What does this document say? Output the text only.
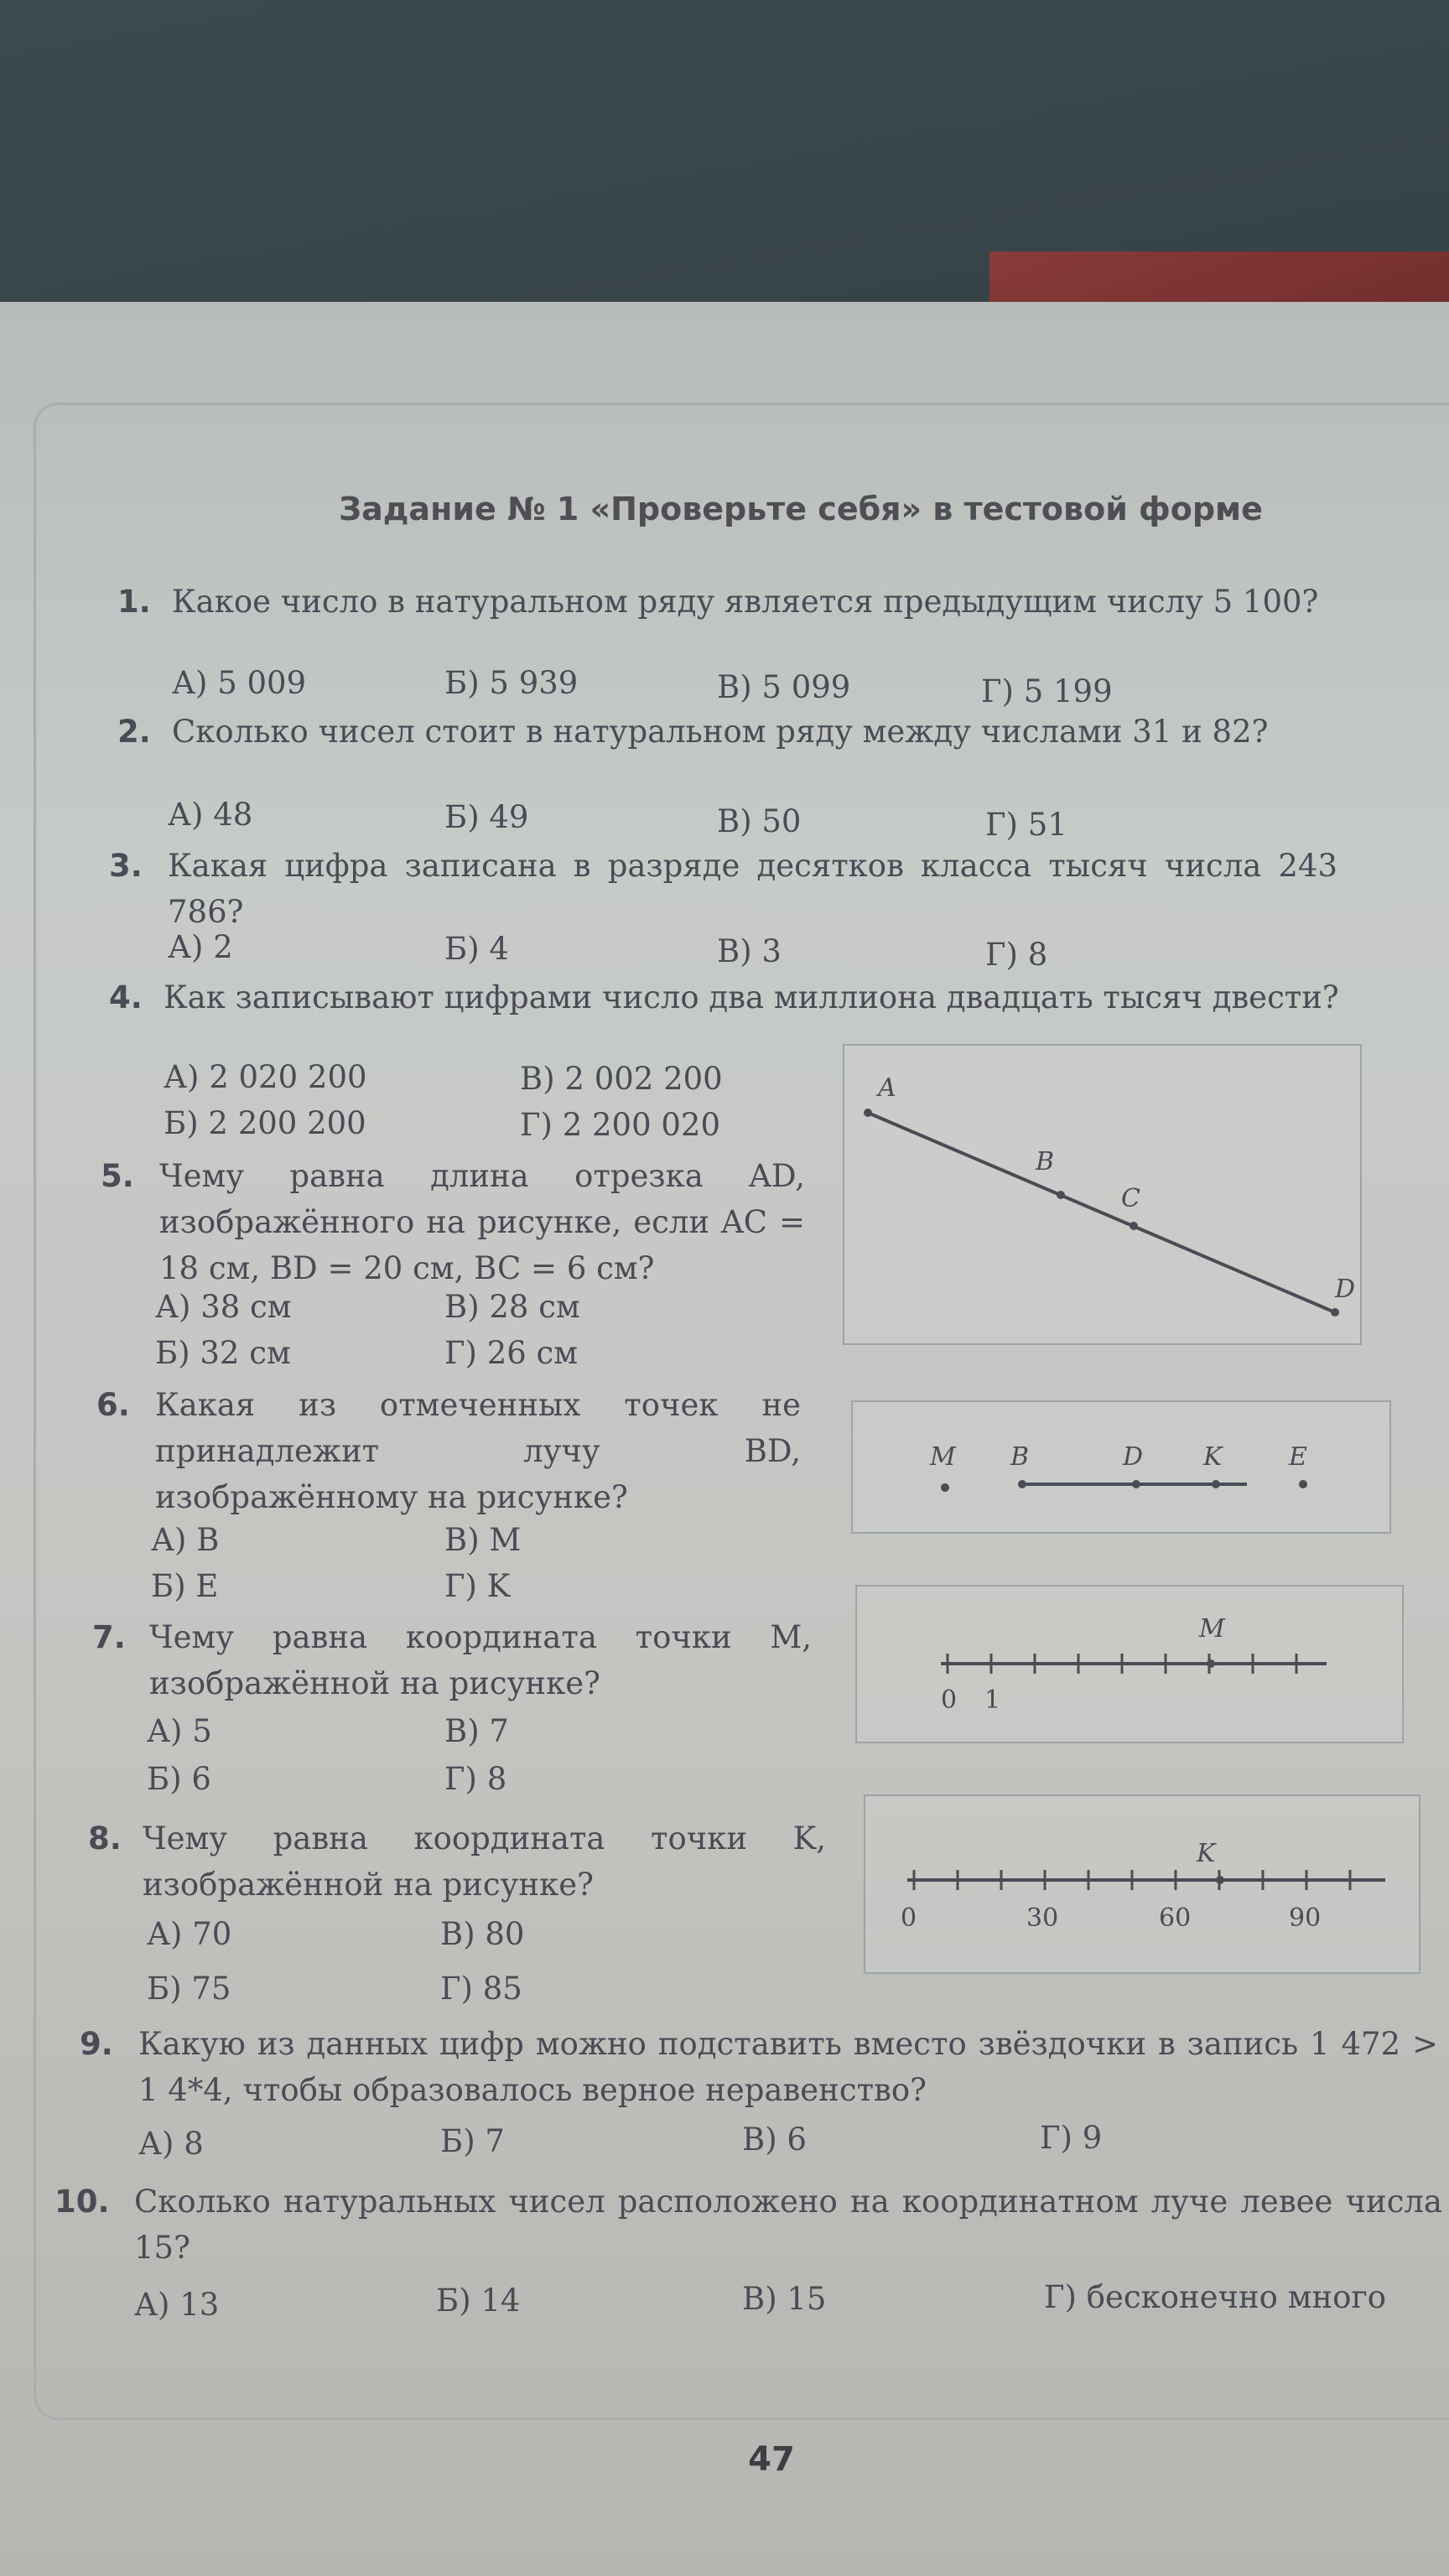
Задание № 1 «Проверьте себя» в тестовой форме
1. Какое число в натуральном ряду является предыдущим числу 5 100?
А) 5 009	Б) 5 939	В) 5 099	Г) 5 199
2. Сколько чисел стоит в натуральном ряду между числами 31 и 82?
А) 48	Б) 49	В) 50	Г) 51
3. Какая цифра записана в разряде десятков класса тысяч числа 243 786?
А) 2	Б) 4	В) 3	Г) 8
4. Как записывают цифрами число два миллиона двадцать тысяч двести?
А) 2 020 200	В) 2 002 200
Б) 2 200 200	Г) 2 200 020
5. Чему равна длина отрезка AD, изображённого на рисунке, если AC = 18 см, BD = 20 см, BC = 6 см?
А) 38 см	В) 28 см
Б) 32 см	Г) 26 см
A
B
C
D
6. Какая из отмеченных точек не принадлежит лучу BD, изображённому на рисунке?
А) B	В) M
Б) E	Г) K
M B	D K	E
7. Чему равна координата точки M, изображённой на рисунке?
А) 5	В) 7
Б) 6	Г) 8
M
0 1
8. Чему равна координата точки K, изображённой на рисунке?
А) 70	В) 80
Б) 75	Г) 85
K
0	30	60	90
9. Какую из данных цифр можно подставить вместо звёздочки в запись 1 472 > 1 4*4, чтобы образовалось верное неравенство?
А) 8	Б) 7	В) 6	Г) 9
10. Сколько натуральных чисел расположено на координатном луче левее числа 15?
А) 13	Б) 14	В) 15	Г) бесконечно много
47
